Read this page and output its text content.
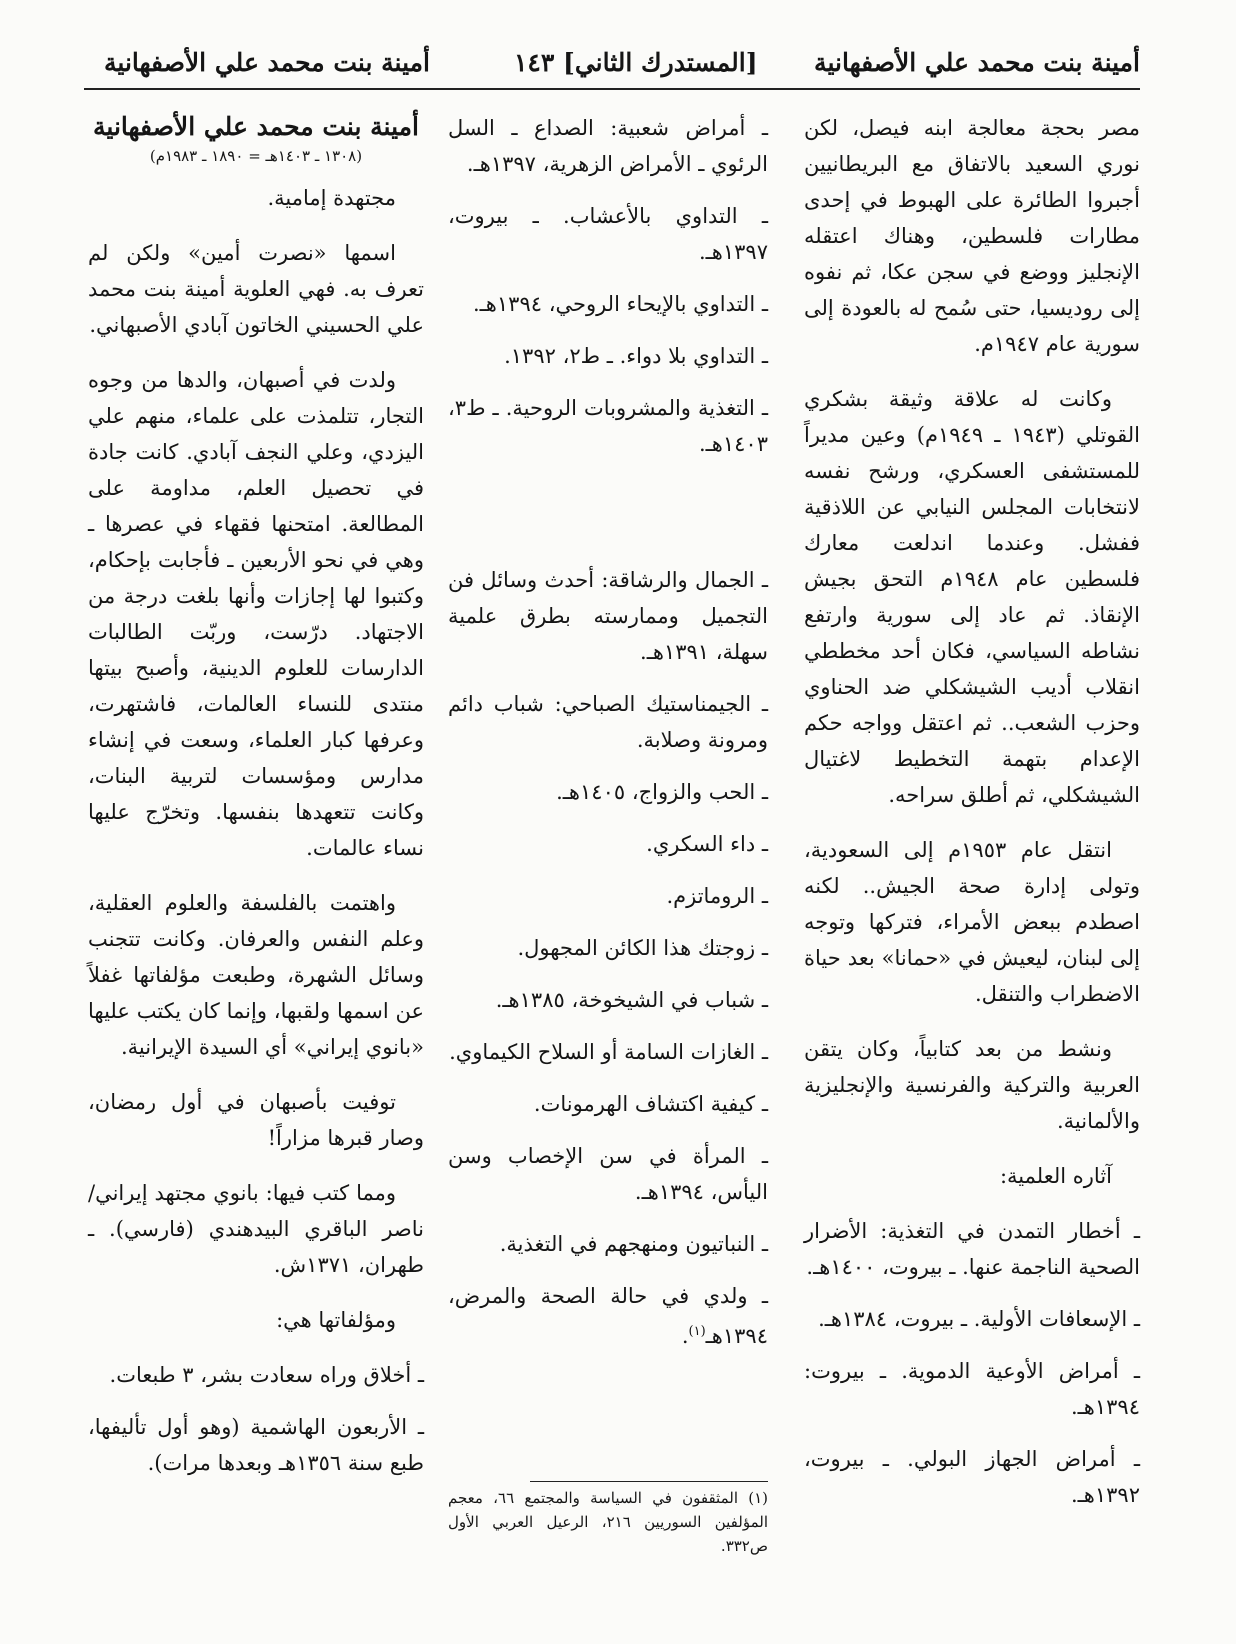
أمينة بنت محمد علي الأصفهانية
[المستدرك الثاني] ١٤٣
أمينة بنت محمد علي الأصفهانية

مصر بحجة معالجة ابنه فيصل، لكن نوري السعيد بالاتفاق مع البريطانيين أجبروا الطائرة على الهبوط في إحدى مطارات فلسطين، وهناك اعتقله الإنجليز ووضع في سجن عكا، ثم نفوه إلى روديسيا، حتى سُمح له بالعودة إلى سورية عام ١٩٤٧م.

وكانت له علاقة وثيقة بشكري القوتلي (١٩٤٣ ـ ١٩٤٩م) وعين مديراً للمستشفى العسكري، ورشح نفسه لانتخابات المجلس النيابي عن اللاذقية ففشل. وعندما اندلعت معارك فلسطين عام ١٩٤٨م التحق بجيش الإنقاذ. ثم عاد إلى سورية وارتفع نشاطه السياسي، فكان أحد مخططي انقلاب أديب الشيشكلي ضد الحناوي وحزب الشعب.. ثم اعتقل وواجه حكم الإعدام بتهمة التخطيط لاغتيال الشيشكلي، ثم أطلق سراحه.

انتقل عام ١٩٥٣م إلى السعودية، وتولى إدارة صحة الجيش.. لكنه اصطدم ببعض الأمراء، فتركها وتوجه إلى لبنان، ليعيش في «حمانا» بعد حياة الاضطراب والتنقل.

ونشط من بعد كتابياً، وكان يتقن العربية والتركية والفرنسية والإنجليزية والألمانية.

آثاره العلمية:

ـ أخطار التمدن في التغذية: الأضرار الصحية الناجمة عنها. ـ بيروت، ١٤٠٠هـ.

ـ الإسعافات الأولية. ـ بيروت، ١٣٨٤هـ.

ـ أمراض الأوعية الدموية. ـ بيروت: ١٣٩٤هـ.

ـ أمراض الجهاز البولي. ـ بيروت، ١٣٩٢هـ.

ـ أمراض شعبية: الصداع ـ السل الرئوي ـ الأمراض الزهرية، ١٣٩٧هـ.

ـ التداوي بالأعشاب. ـ بيروت، ١٣٩٧هـ.

ـ التداوي بالإيحاء الروحي، ١٣٩٤هـ.

ـ التداوي بلا دواء. ـ ط٢، ١٣٩٢.

ـ التغذية والمشروبات الروحية. ـ ط٣، ١٤٠٣هـ.

ـ الجمال والرشاقة: أحدث وسائل فن التجميل وممارسته بطرق علمية سهلة، ١٣٩١هـ.

ـ الجيمناستيك الصباحي: شباب دائم ومرونة وصلابة.

ـ الحب والزواج، ١٤٠٥هـ.

ـ داء السكري.

ـ الروماتزم.

ـ زوجتك هذا الكائن المجهول.

ـ شباب في الشيخوخة، ١٣٨٥هـ.

ـ الغازات السامة أو السلاح الكيماوي.

ـ كيفية اكتشاف الهرمونات.

ـ المرأة في سن الإخصاب وسن اليأس، ١٣٩٤هـ.

ـ النباتيون ومنهجهم في التغذية.

ـ ولدي في حالة الصحة والمرض، ١٣٩٤هـ$^{(١)}$.

(١) المثقفون في السياسة والمجتمع ٦٦، معجم المؤلفين السوريين ٢١٦، الرعيل العربي الأول ص٣٣٢.
أمينة بنت محمد علي الأصفهانية

(١٣٠٨ ـ ١٤٠٣هـ = ١٨٩٠ ـ ١٩٨٣م)

مجتهدة إمامية.

اسمها «نصرت أمين» ولكن لم تعرف به. فهي العلوية أمينة بنت محمد علي الحسيني الخاتون آبادي الأصبهاني.

ولدت في أصبهان، والدها من وجوه التجار، تتلمذت على علماء، منهم علي اليزدي، وعلي النجف آبادي. كانت جادة في تحصيل العلم، مداومة على المطالعة. امتحنها فقهاء في عصرها ـ وهي في نحو الأربعين ـ فأجابت بإحكام، وكتبوا لها إجازات وأنها بلغت درجة من الاجتهاد. درّست، وربّت الطالبات الدارسات للعلوم الدينية، وأصبح بيتها منتدى للنساء العالمات، فاشتهرت، وعرفها كبار العلماء، وسعت في إنشاء مدارس ومؤسسات لتربية البنات، وكانت تتعهدها بنفسها. وتخرّج عليها نساء عالمات.

واهتمت بالفلسفة والعلوم العقلية، وعلم النفس والعرفان. وكانت تتجنب وسائل الشهرة، وطبعت مؤلفاتها غفلاً عن اسمها ولقبها، وإنما كان يكتب عليها «بانوي إيراني» أي السيدة الإيرانية.

توفيت بأصبهان في أول رمضان، وصار قبرها مزاراً!

ومما كتب فيها: بانوي مجتهد إيراني/ ناصر الباقري البيدهندي (فارسي). ـ طهران، ١٣٧١ش.

ومؤلفاتها هي:

ـ أخلاق وراه سعادت بشر، ٣ طبعات.

ـ الأربعون الهاشمية (وهو أول تأليفها، طبع سنة ١٣٥٦هـ وبعدها مرات).
